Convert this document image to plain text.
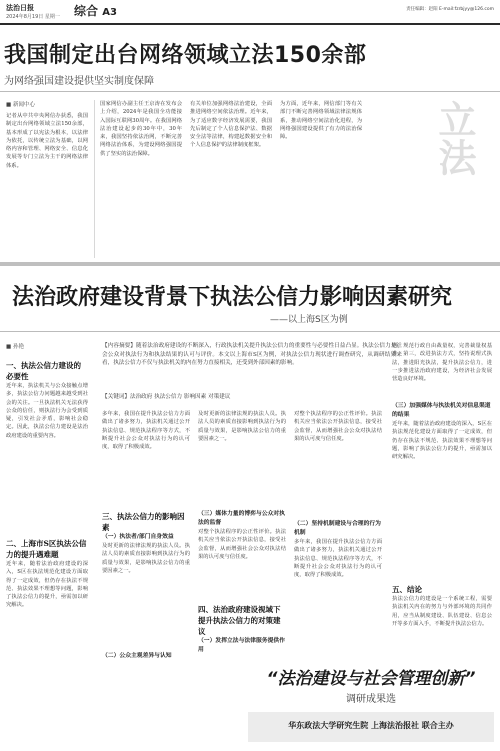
法治日报
2024年8月19日 星期一 综合 A3	责任编辑：赵阳 E-mail:fzrbjyy@126.com
我国制定出台网络领域立法150余部
为网络强国建设提供坚实制度保障
■ 新闻中心
记者从中共中央网信办获悉，我国制定出台网络领域立法150余部，基本形成了以宪法为根本，以法律为依托，以传统立法为基础，以网络内容和管理、网络安全、信息化发展等专门立法为主干的网络法律体系。
国家网信办副主任王京涛在发布会上介绍，2024年是我国全功能接入国际互联网30周年。在我国网络法治建设起步的30年中，30年来，我国坚持依法治网，不断完善网络法治体系，为建设网络强国提供了坚实的法治保障。
有关单位加强网络法治建设，全面推进网络空间依法治理。近年来，为了适应数字经济发展需要，我国先后制定了个人信息保护法、数据安全法等法律，构建起数据安全和个人信息保护的法律制度框架。
为方面，近年来，网信部门等有关部门不断完善网络领域法律法规体系，推动网络空间法治化进程，为网络强国建设提供了有力的法治保障。	立法
法治政府建设背景下执法公信力影响因素研究
——以上海S区为例
■ 孙艳	【内容摘要】随着法治政府建设的不断深入，行政执法机关提升执法公信力的重要性与必要性日益凸显。执法公信力是社会公众对执法行为和执法结果的认可与评价。本文以上海市S区为例，对执法公信力现状进行调查研究，从调研结果来看，执法公信力不仅与执法机关的内在努力直接相关，还受到外部因素的影响。
【关键词】法治政府 执法公信力 影响因素 对策建议
一、执法公信力建设的必要性
近年来，执法机关与公众接触点增多，执法公信力问题越来越受到社会的关注。一旦执法机关无法获得公众的信任，则执法行为会受到质疑，引发社会矛盾，影响社会稳定。因此，执法公信力建设是法治政府建设的重要内容。
二、上海市S区执法公信力的提升遇难题
近年来，随着法治政府建设的深入，S区在执法规范化建设方面取得了一定成效，但仍存在执法不规范、执法效果不理想等问题，影响了执法公信力的提升，亟需加以研究解决。
多年来，我国在提升执法公信力方面做出了诸多努力，执法机关通过公开执法信息、规范执法程序等方式，不断提升社会公众对执法行为的认可度，取得了积极成效。
三、执法公信力的影响因素
（一）执法者/部门自身效益
及时更新的法律法规的执法人员。执法人员的素质直接影响到执法行为的质量与效果，是影响执法公信力的重要因素之一。
（二）公众主观差异与认知
及时更新的法律法规的执法人员。执法人员的素质直接影响到执法行为的质量与效果，是影响执法公信力的重要因素之一。
（三）媒体力量的博弈与公众对执法的监督
对整个执法程序的公正性评价。执法机关应当依法公开执法信息，接受社会监督，从而增强社会公众对执法结果的认可度与信任度。
四、法治政府建设视域下提升执法公信力的对策建议
（一）发挥立法与法律服务提供作用
对整个执法程序的公正性评价。执法机关应当依法公开执法信息，接受社会监督，从而增强社会公众对执法结果的认可度与信任度。
（二）坚持机制建设与合理的行为机制
多年来，我国在提升执法公信力方面做出了诸多努力，执法机关通过公开执法信息、规范执法程序等方式，不断提升社会公众对执法行为的认可度，取得了积极成效。
则，规范行政自由裁量权，完善裁量权基准。第三，改进执法方式，坚持说理式执法，推进阳光执法，提升执法公信力，进一步推进法治政府建设，为经济社会发展营造良好环境。
（三）加强媒体与执法机关对信息渠道的结果
近年来，随着法治政府建设的深入，S区在执法规范化建设方面取得了一定成效，但仍存在执法不规范、执法效果不理想等问题，影响了执法公信力的提升，亟需加以研究解决。
五、结论
执法公信力的建设是一个系统工程，需要执法机关内在的努力与外部环境的共同作用，应当从制度建设、队伍建设、信息公开等多方面入手，不断提升执法公信力。
“法治建设与社会管理创新”
调研成果选
华东政法大学研究生院 上海法治报社 联合主办
